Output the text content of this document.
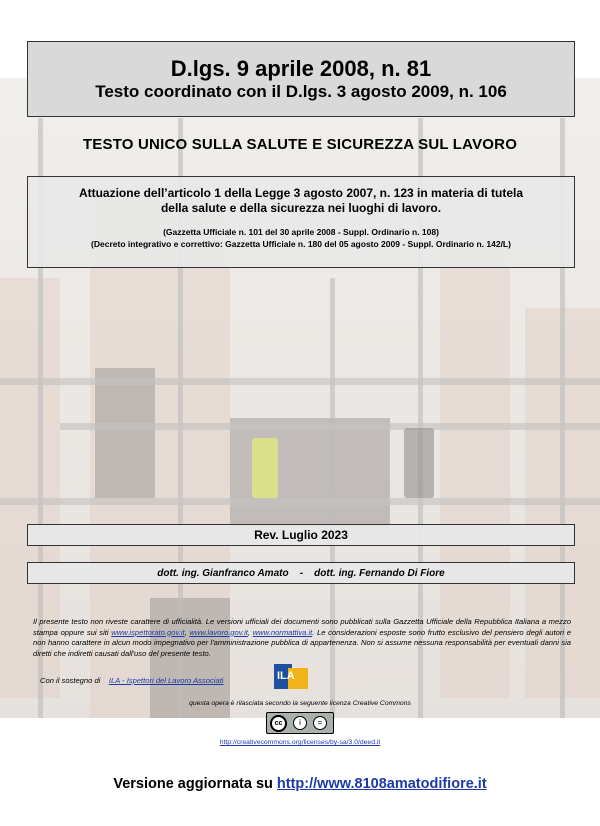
D.lgs. 9 aprile 2008, n. 81
Testo coordinato con il D.lgs. 3 agosto 2009, n. 106
TESTO UNICO SULLA SALUTE E SICUREZZA SUL LAVORO
Attuazione dell’articolo 1 della Legge 3 agosto 2007, n. 123 in materia di tutela
della salute e della sicurezza nei luoghi di lavoro.
(Gazzetta Ufficiale n. 101 del 30 aprile 2008 - Suppl. Ordinario n. 108)
(Decreto integrativo e correttivo: Gazzetta Ufficiale n. 180 del 05 agosto 2009 - Suppl. Ordinario n. 142/L)
Rev. Luglio 2023
dott. ing. Gianfranco Amato - dott. ing. Fernando Di Fiore
Il presente testo non riveste carattere di ufficialità. Le versioni ufficiali dei documenti sono pubblicati sulla Gazzetta Ufficiale della Repubblica Italiana a mezzo stampa oppure sui siti www.ispettorato.gov.it, www.lavoro.gov.it, www.normattiva.it. Le considerazioni esposte sono frutto esclusivo del pensiero degli autori e non hanno carattere in alcun modo impegnativo per l'amministrazione pubblica di appartenenza. Non si assume nessuna responsabilità per eventuali danni sia diretti che indiretti causati dall'uso del presente testo.
Con il sostegno di ILA - Ispettori del Lavoro Associati	ILA
questa opera è rilasciata secondo la seguente licenza Creative Commons
cc	i	=
http://creativecommons.org/licenses/by-sa/3.0/deed.it
Versione aggiornata su http://www.8108amatodifiore.it
